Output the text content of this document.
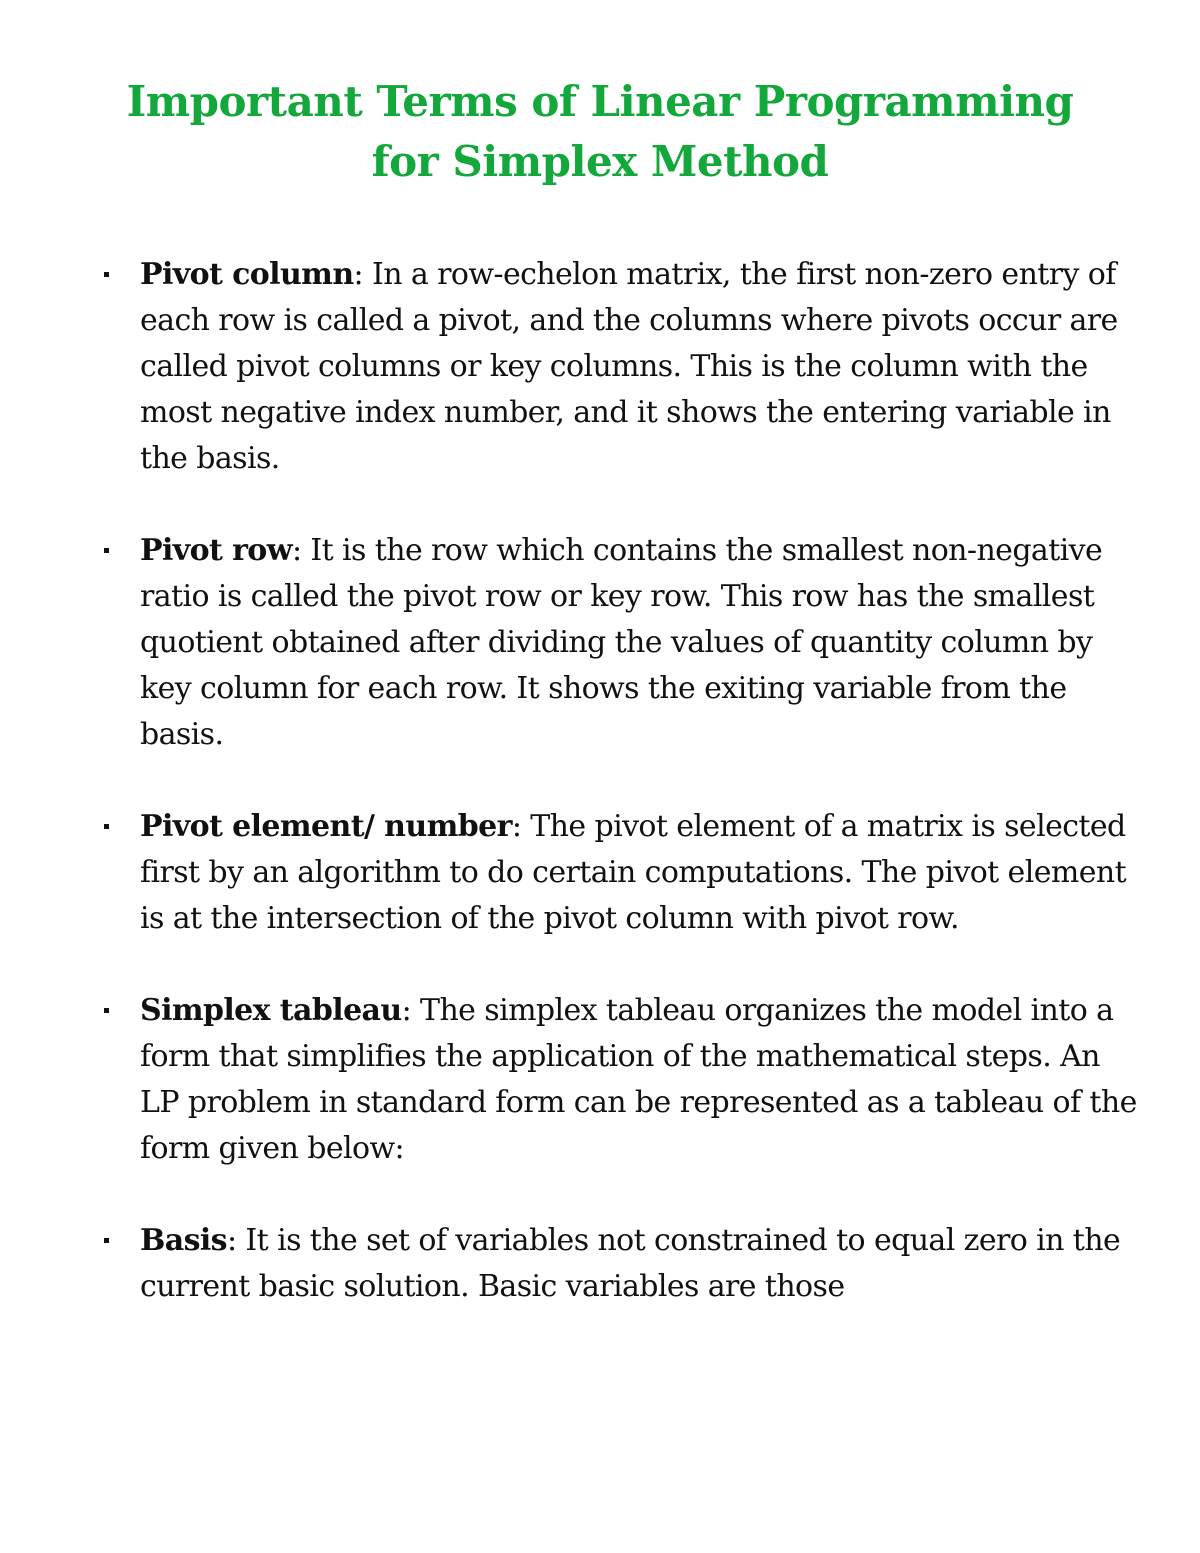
Important Terms of Linear Programming
for Simplex Method
Pivot column: In a row-echelon matrix, the first non-zero entry of each row is called a pivot, and the columns where pivots occur are called pivot columns or key columns. This is the column with the most negative index number, and it shows the entering variable in the basis.
Pivot row: It is the row which contains the smallest non-negative ratio is called the pivot row or key row. This row has the smallest quotient obtained after dividing the values of quantity column by key column for each row. It shows the exiting variable from the basis.
Pivot element/ number: The pivot element of a matrix is selected first by an algorithm to do certain computations. The pivot element is at the intersection of the pivot column with pivot row.
Simplex tableau: The simplex tableau organizes the model into a form that simplifies the application of the mathematical steps. An LP problem in standard form can be represented as a tableau of the form given below:
Basis: It is the set of variables not constrained to equal zero in the current basic solution. Basic variables are those
